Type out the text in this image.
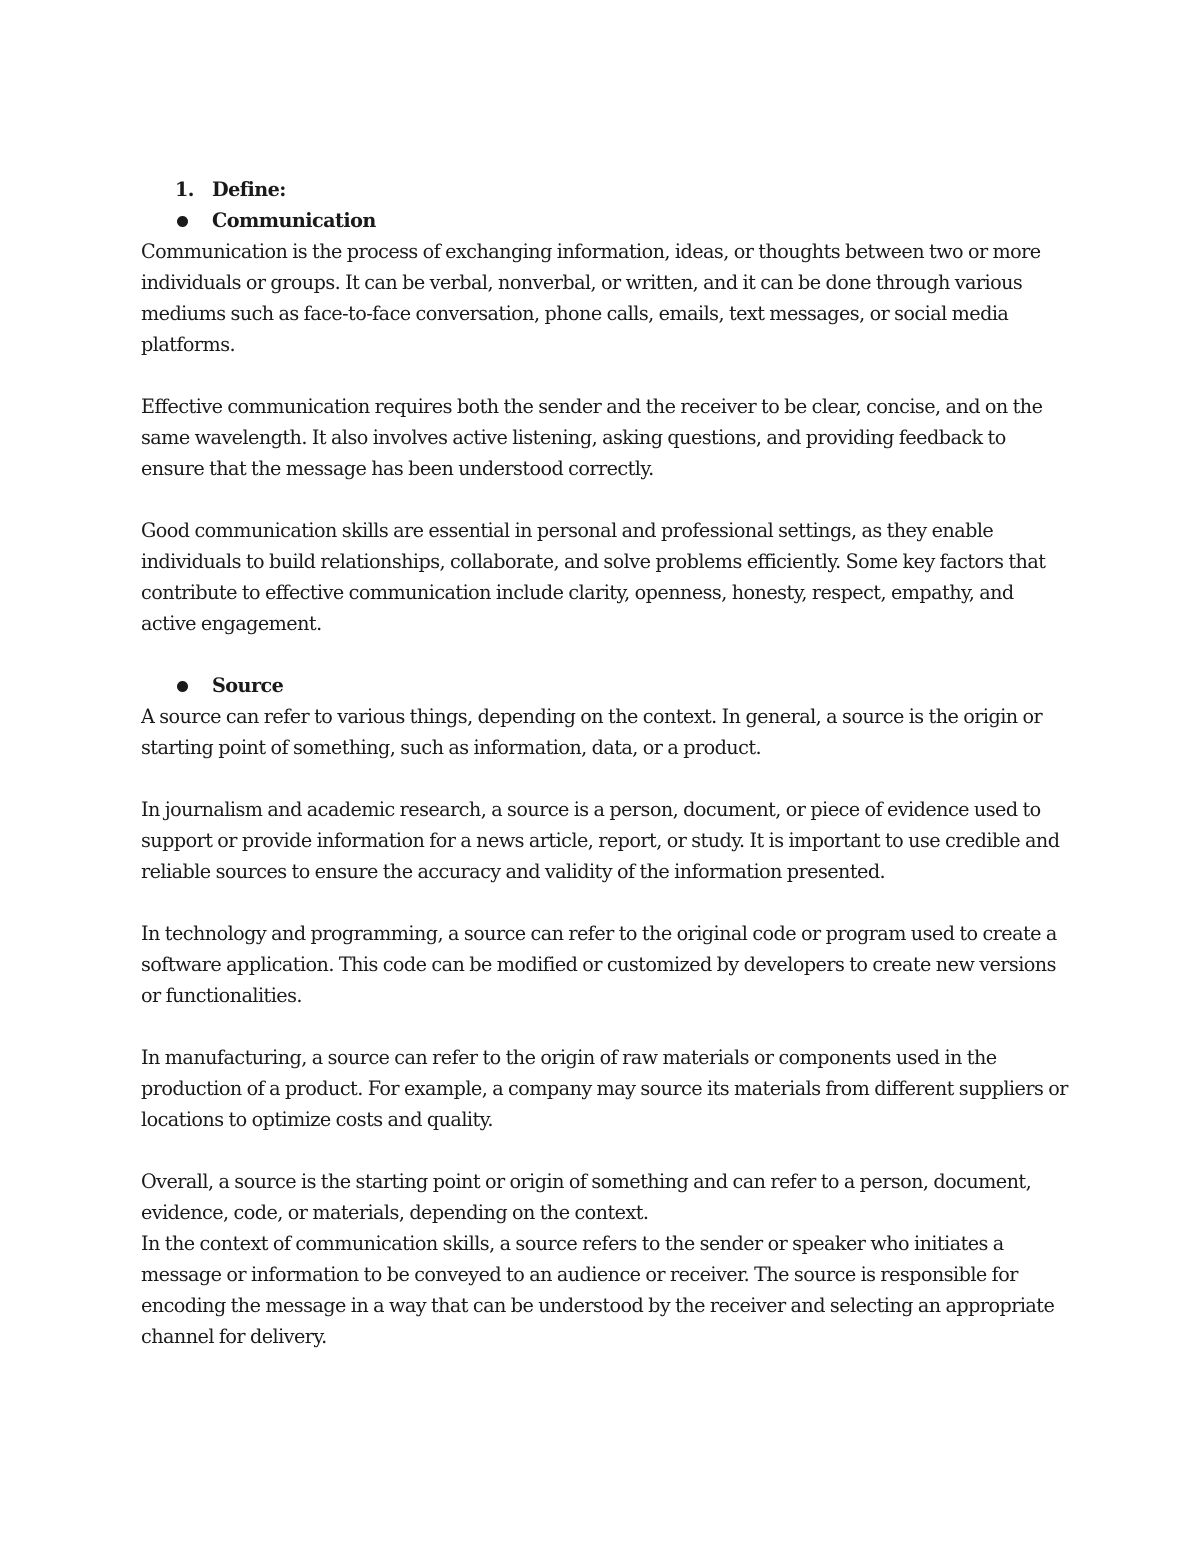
1. Define:
Communication

Communication is the process of exchanging information, ideas, or thoughts between two or more individuals or groups. It can be verbal, nonverbal, or written, and it can be done through various mediums such as face-to-face conversation, phone calls, emails, text messages, or social media platforms.

Effective communication requires both the sender and the receiver to be clear, concise, and on the same wavelength. It also involves active listening, asking questions, and providing feedback to ensure that the message has been understood correctly.

Good communication skills are essential in personal and professional settings, as they enable individuals to build relationships, collaborate, and solve problems efficiently. Some key factors that contribute to effective communication include clarity, openness, honesty, respect, empathy, and active engagement.

Source

A source can refer to various things, depending on the context. In general, a source is the origin or starting point of something, such as information, data, or a product.

In journalism and academic research, a source is a person, document, or piece of evidence used to support or provide information for a news article, report, or study. It is important to use credible and reliable sources to ensure the accuracy and validity of the information presented.

In technology and programming, a source can refer to the original code or program used to create a software application. This code can be modified or customized by developers to create new versions or functionalities.

In manufacturing, a source can refer to the origin of raw materials or components used in the production of a product. For example, a company may source its materials from different suppliers or locations to optimize costs and quality.

Overall, a source is the starting point or origin of something and can refer to a person, document, evidence, code, or materials, depending on the context.

In the context of communication skills, a source refers to the sender or speaker who initiates a message or information to be conveyed to an audience or receiver. The source is responsible for encoding the message in a way that can be understood by the receiver and selecting an appropriate channel for delivery.
